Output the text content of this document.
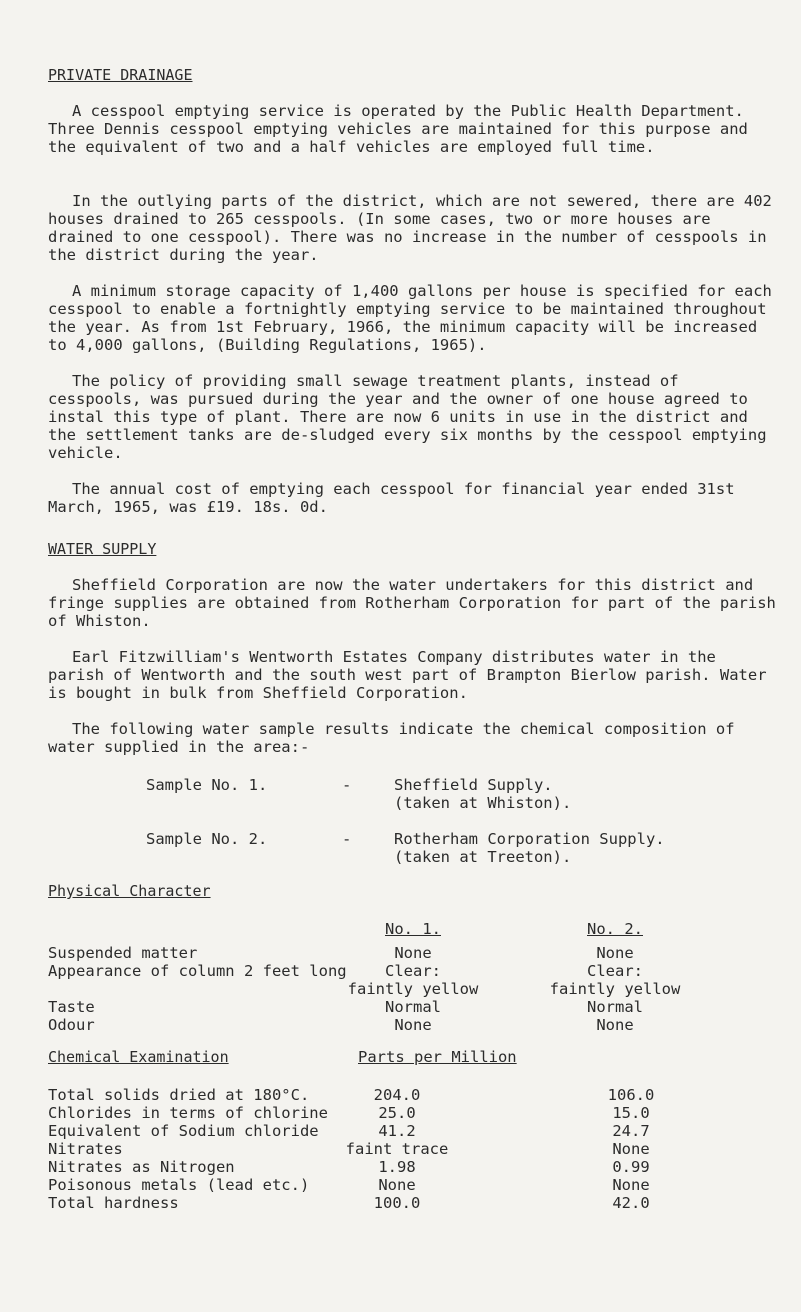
PRIVATE DRAINAGE

A cesspool emptying service is operated by the Public Health Department. Three Dennis cesspool emptying vehicles are maintained for this purpose and the equivalent of two and a half vehicles are employed full time.

In the outlying parts of the district, which are not sewered, there are 402 houses drained to 265 cesspools. (In some cases, two or more houses are drained to one cesspool). There was no increase in the number of cesspools in the district during the year.

A minimum storage capacity of 1,400 gallons per house is specified for each cesspool to enable a fortnightly emptying service to be maintained throughout the year. As from 1st February, 1966, the minimum capacity will be increased to 4,000 gallons, (Building Regulations, 1965).

The policy of providing small sewage treatment plants, instead of cesspools, was pursued during the year and the owner of one house agreed to instal this type of plant. There are now 6 units in use in the district and the settlement tanks are de-sludged every six months by the cesspool emptying vehicle.

The annual cost of emptying each cesspool for financial year ended 31st March, 1965, was £19. 18s. 0d.

WATER SUPPLY

Sheffield Corporation are now the water undertakers for this district and fringe supplies are obtained from Rotherham Corporation for part of the parish of Whiston.

Earl Fitzwilliam's Wentworth Estates Company distributes water in the parish of Wentworth and the south west part of Brampton Bierlow parish. Water is bought in bulk from Sheffield Corporation.

The following water sample results indicate the chemical composition of water supplied in the area:-

Sample No. 1.	-	Sheffield Supply.
(taken at Whiston).
Sample No. 2.	-	Rotherham Corporation Supply.
(taken at Treeton).
Physical Character
No. 1.	No. 2.
Suspended matter	None	None
Appearance of column 2 feet long	Clear:	Clear:
faintly yellow	faintly yellow
Taste	Normal	Normal
Odour	None	None
Chemical Examination	Parts per Million
Total solids dried at 180°C.	204.0	106.0
Chlorides in terms of chlorine	25.0	15.0
Equivalent of Sodium chloride	41.2	24.7
Nitrates	faint trace	None
Nitrates as Nitrogen	1.98	0.99
Poisonous metals (lead etc.)	None	None
Total hardness	100.0	42.0
